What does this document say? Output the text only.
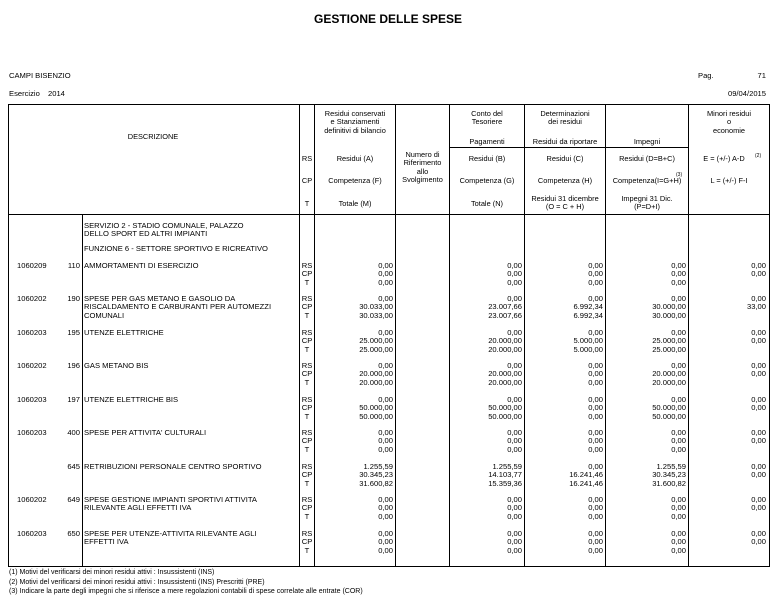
GESTIONE DELLE SPESE
CAMPI BISENZIO	Pag.	71
Esercizio 2014	09/04/2015
DESCRIZIONE
Residui conservati
e Stanziamenti
definitivi di bilancio
Numero di
Riferimento
allo
Svolgimento
Conto del
Tesoriere
Determinazioni
dei residui
Minori residui
o
economie
Pagamenti	Residui da riportare	Impegni
RS
CP
T
Residui (A)	Residui (B)	Residui (C)	Residui (D=B+C)	E = (+/-) A-D	(2)
Competenza (F)	Competenza (G)	Competenza (H)	Competenza(I=G+H)
(3)
L = (+/-) F-I
Totale (M)	Totale (N)
Residui 31 dicembre
(O = C + H)
Impegni 31 Dic.
(P=D+I)
SERVIZIO 2 - STADIO COMUNALE, PALAZZO
DELLO SPORT ED ALTRI IMPIANTI
FUNZIONE 6 - SETTORE SPORTIVO E RICREATIVO
1060209	110 AMMORTAMENTI DI ESERCIZIO	RS	0,00	0,00	0,00	0,00	0,00
CP	0,00	0,00	0,00	0,00	0,00
T	0,00	0,00	0,00	0,00
1060202	190 SPESE PER GAS METANO E GASOLIO DA
RISCALDAMENTO E CARBURANTI PER AUTOMEZZI
COMUNALI
RS	0,00	0,00	0,00	0,00	0,00
CP	30.033,00	23.007,66	6.992,34	30.000,00	33,00
T	30.033,00	23.007,66	6.992,34	30.000,00
1060203	195 UTENZE ELETTRICHE	RS	0,00	0,00	0,00	0,00	0,00
CP	25.000,00	20.000,00	5.000,00	25.000,00	0,00
T	25.000,00	20.000,00	5.000,00	25.000,00
1060202	196 GAS METANO BIS	RS	0,00	0,00	0,00	0,00	0,00
CP	20.000,00	20.000,00	0,00	20.000,00	0,00
T	20.000,00	20.000,00	0,00	20.000,00
1060203	197 UTENZE ELETTRICHE BIS	RS	0,00	0,00	0,00	0,00	0,00
CP	50.000,00	50.000,00	0,00	50.000,00	0,00
T	50.000,00	50.000,00	0,00	50.000,00
1060203	400 SPESE PER ATTIVITA' CULTURALI	RS	0,00	0,00	0,00	0,00	0,00
CP	0,00	0,00	0,00	0,00	0,00
T	0,00	0,00	0,00	0,00
645 RETRIBUZIONI PERSONALE CENTRO SPORTIVO	RS	1.255,59	1.255,59	0,00	1.255,59	0,00
CP	30.345,23	14.103,77	16.241,46	30.345,23	0,00
T	31.600,82	15.359,36	16.241,46	31.600,82
1060202	649 SPESE GESTIONE IMPIANTI SPORTIVI ATTIVITA
RILEVANTE AGLI EFFETTI IVA
RS	0,00	0,00	0,00	0,00	0,00
CP	0,00	0,00	0,00	0,00	0,00
T	0,00	0,00	0,00	0,00
1060203	650 SPESE PER UTENZE-ATTIVITA RILEVANTE AGLI
EFFETTI IVA
RS	0,00	0,00	0,00	0,00	0,00
CP	0,00	0,00	0,00	0,00	0,00
T	0,00	0,00	0,00	0,00
(1) Motivi del verificarsi dei minori residui attivi : Insussistenti (INS)
(2) Motivi del verificarsi dei minori residui attivi : Insussistenti (INS) Prescritti (PRE)
(3) Indicare la parte degli impegni che si riferisce a mere regolazioni contabili di spese correlate alle entrate (COR)
